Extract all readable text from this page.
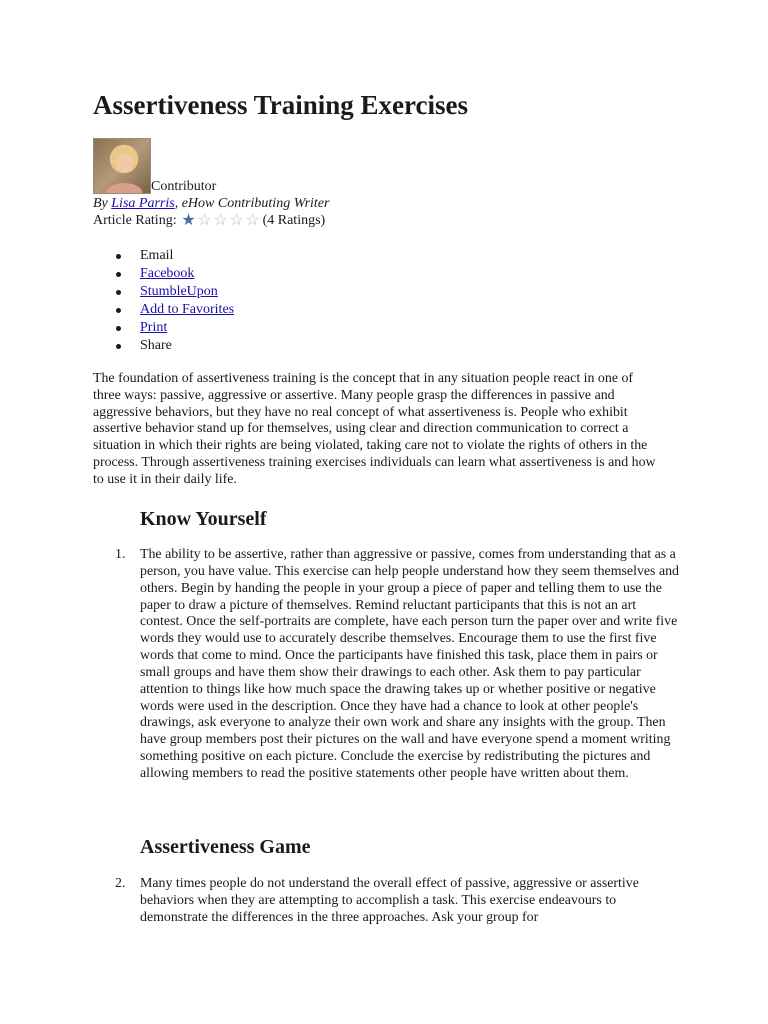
Assertiveness Training Exercises
Contributor
By Lisa Parris, eHow Contributing Writer
Article Rating: ★ ☆ ☆ ☆ ☆ (4 Ratings)
Email
Facebook
StumbleUpon
Add to Favorites
Print
Share

The foundation of assertiveness training is the concept that in any situation people react in one of three ways: passive, aggressive or assertive. Many people grasp the differences in passive and aggressive behaviors, but they have no real concept of what assertiveness is. People who exhibit assertive behavior stand up for themselves, using clear and direction communication to correct a situation in which their rights are being violated, taking care not to violate the rights of others in the process. Through assertiveness training exercises individuals can learn what assertiveness is and how to use it in their daily life.

Know Yourself
1. The ability to be assertive, rather than aggressive or passive, comes from understanding that as a person, you have value. This exercise can help people understand how they seem themselves and others. Begin by handing the people in your group a piece of paper and telling them to use the paper to draw a picture of themselves. Remind reluctant participants that this is not an art contest. Once the self-portraits are complete, have each person turn the paper over and write five words they would use to accurately describe themselves. Encourage them to use the first five words that come to mind. Once the participants have finished this task, place them in pairs or small groups and have them show their drawings to each other. Ask them to pay particular attention to things like how much space the drawing takes up or whether positive or negative words were used in the description. Once they have had a chance to look at other people's drawings, ask everyone to analyze their own work and share any insights with the group. Then have group members post their pictures on the wall and have everyone spend a moment writing something positive on each picture. Conclude the exercise by redistributing the pictures and allowing members to read the positive statements other people have written about them.
Assertiveness Game
2. Many times people do not understand the overall effect of passive, aggressive or assertive behaviors when they are attempting to accomplish a task. This exercise endeavours to demonstrate the differences in the three approaches. Ask your group for
